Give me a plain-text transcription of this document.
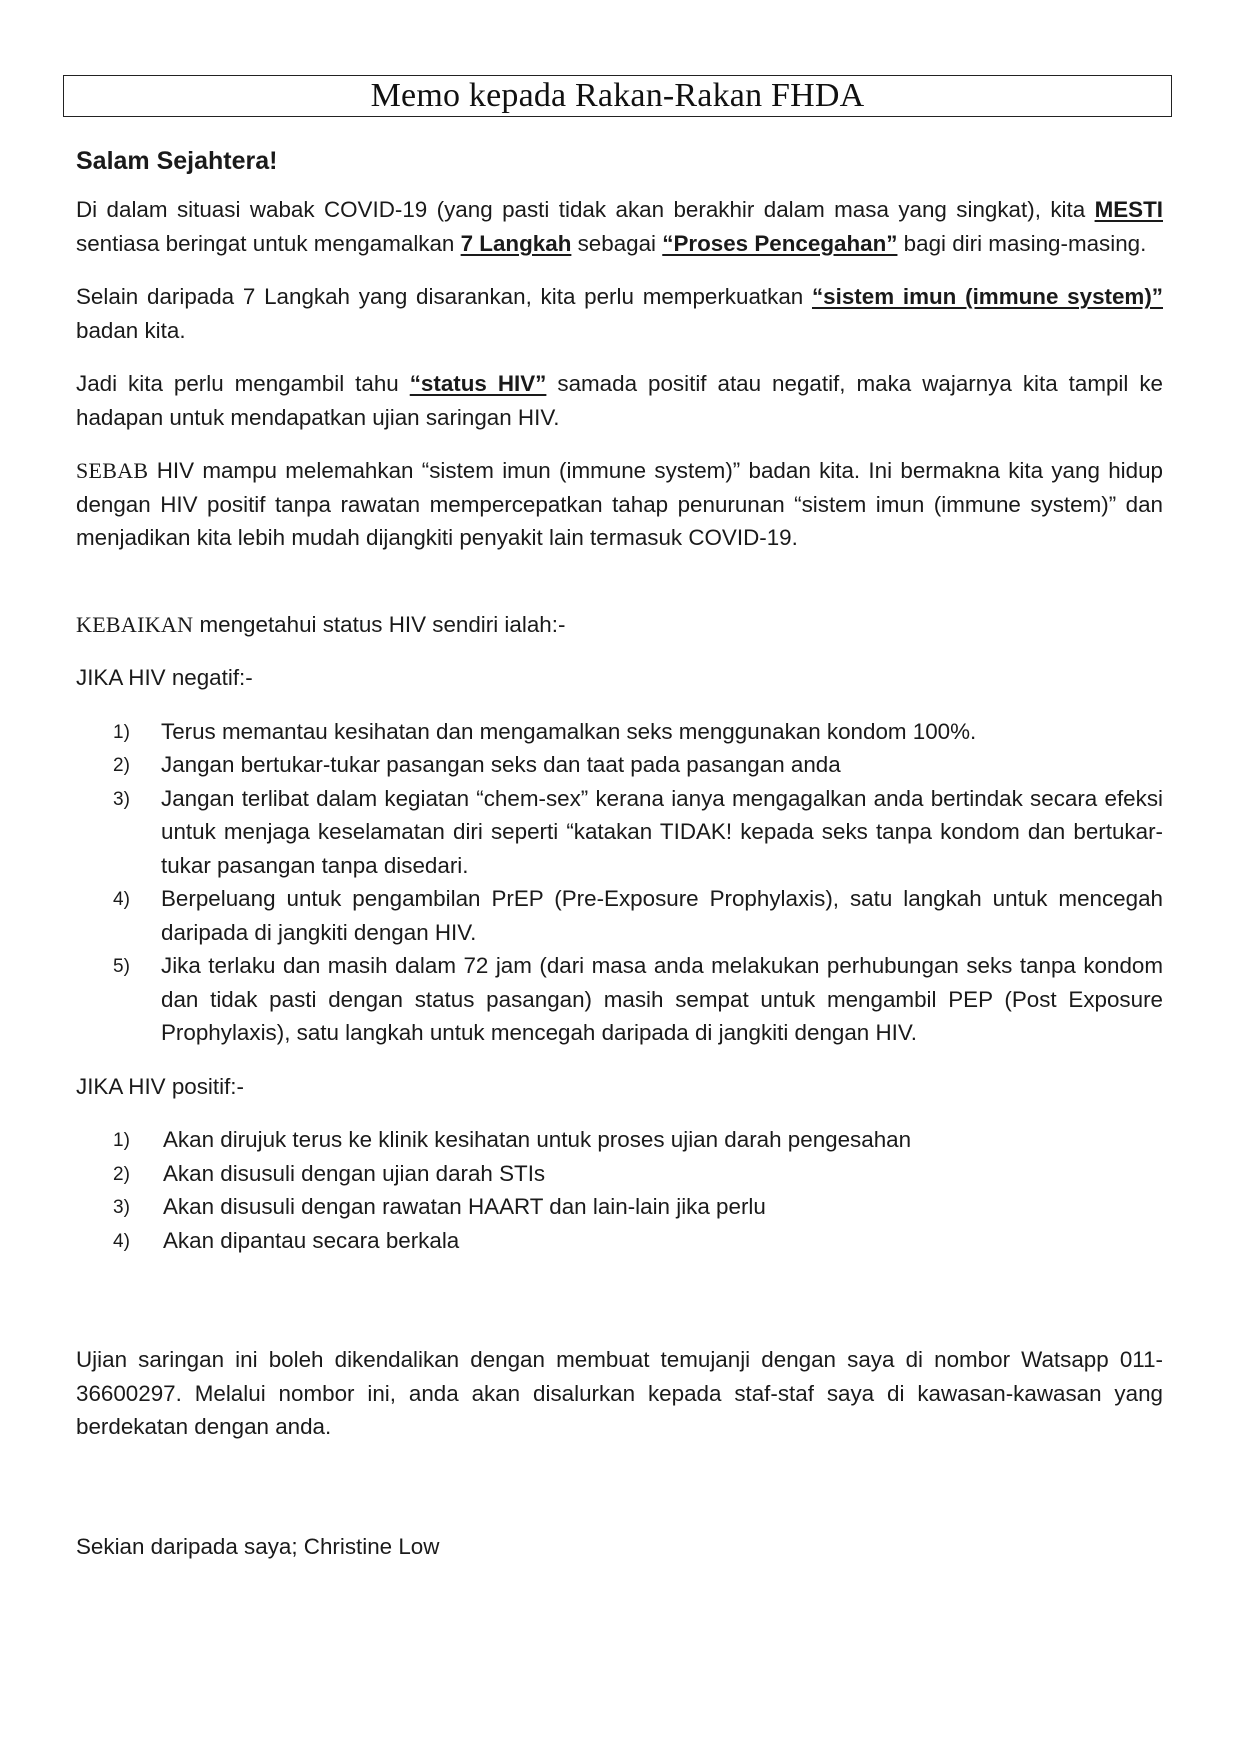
Memo kepada Rakan-Rakan FHDA

Salam Sejahtera!

Di dalam situasi wabak COVID-19 (yang pasti tidak akan berakhir dalam masa yang singkat), kita MESTI sentiasa beringat untuk mengamalkan 7 Langkah sebagai “Proses Pencegahan” bagi diri masing-masing.

Selain daripada 7 Langkah yang disarankan, kita perlu memperkuatkan “sistem imun (immune system)” badan kita.

Jadi kita perlu mengambil tahu “status HIV” samada positif atau negatif, maka wajarnya kita tampil ke hadapan untuk mendapatkan ujian saringan HIV.

SEBAB HIV mampu melemahkan “sistem imun (immune system)” badan kita. Ini bermakna kita yang hidup dengan HIV positif tanpa rawatan mempercepatkan tahap penurunan “sistem imun (immune system)” dan menjadikan kita lebih mudah dijangkiti penyakit lain termasuk COVID-19.

KEBAIKAN mengetahui status HIV sendiri ialah:-

JIKA HIV negatif:-

1) Terus memantau kesihatan dan mengamalkan seks menggunakan kondom 100%.
2) Jangan bertukar-tukar pasangan seks dan taat pada pasangan anda
3) Jangan terlibat dalam kegiatan “chem-sex” kerana ianya mengagalkan anda bertindak secara efeksi untuk menjaga keselamatan diri seperti “katakan TIDAK! kepada seks tanpa kondom dan bertukar-tukar pasangan tanpa disedari.
4) Berpeluang untuk pengambilan PrEP (Pre-Exposure Prophylaxis), satu langkah untuk mencegah daripada di jangkiti dengan HIV.
5) Jika terlaku dan masih dalam 72 jam (dari masa anda melakukan perhubungan seks tanpa kondom dan tidak pasti dengan status pasangan) masih sempat untuk mengambil PEP (Post Exposure Prophylaxis), satu langkah untuk mencegah daripada di jangkiti dengan HIV.

JIKA HIV positif:-

1) Akan dirujuk terus ke klinik kesihatan untuk proses ujian darah pengesahan
2) Akan disusuli dengan ujian darah STIs
3) Akan disusuli dengan rawatan HAART dan lain-lain jika perlu
4) Akan dipantau secara berkala

Ujian saringan ini boleh dikendalikan dengan membuat temujanji dengan saya di nombor Watsapp 011-36600297. Melalui nombor ini, anda akan disalurkan kepada staf-staf saya di kawasan-kawasan yang berdekatan dengan anda.

Sekian daripada saya; Christine Low
